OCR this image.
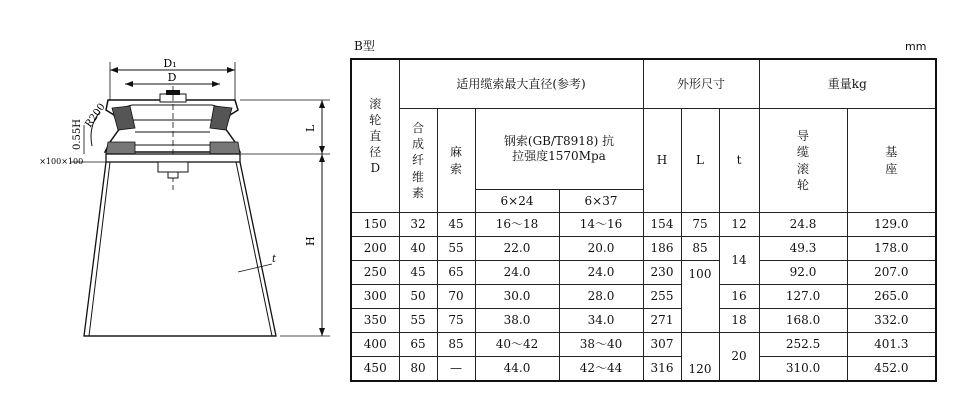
D₁
D
R200
0.55H
t×100×100
t
L
H
B型	mm
滚轮直径D	适用缆索最大直径(参考)				外形尺寸			重量kg	
	合成纤维素	麻索	钢索(GB/T8918) 抗拉强度1570Mpa		H	L	t	导缆滚轮	基座
			6×24	6×37					
150	32	45	16～18	14～16	154	75	12	24.8	129.0
200	40	55	22.0	20.0	186	85	14	49.3	178.0
250	45	65	24.0	24.0	230	100		92.0	207.0
300	50	70	30.0	28.0	255		16	127.0	265.0
350	55	75	38.0	34.0	271		18	168.0	332.0
400	65	85	40～42	38～40	307	120	20	252.5	401.3
450	80	—	44.0	42～44	316			310.0	452.0
